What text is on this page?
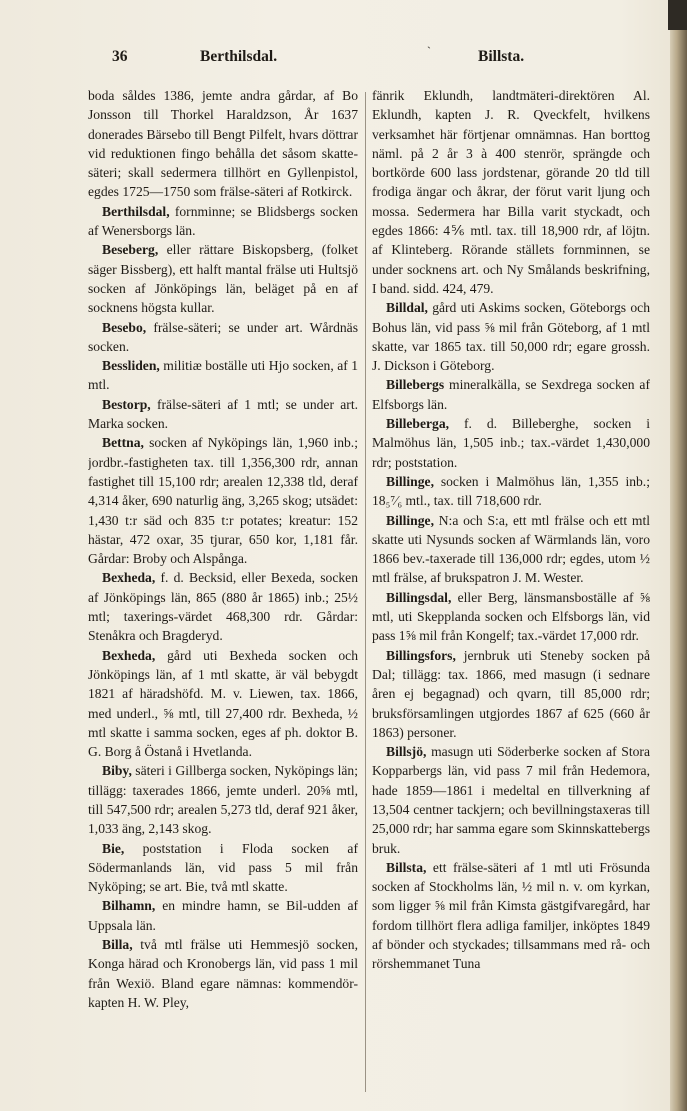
36	Berthilsdal.	`	Billsta.

boda såldes 1386, jemte andra gårdar, af Bo Jonsson till Thorkel Haraldzson, År 1637 donerades Bärsebo till Bengt Pilfelt, hvars döttrar vid reduktionen fingo behålla det såsom skatte-säteri; skall sedermera tillhört en Gyllenpistol, egdes 1725—1750 som frälse-säteri af Rotkirck.

Berthilsdal, fornminne; se Blidsbergs socken af Wenersborgs län.

Beseberg, eller rättare Biskopsberg, (folket säger Bissberg), ett halft mantal frälse uti Hultsjö socken af Jönköpings län, beläget på en af socknens högsta kullar.

Besebo, frälse-säteri; se under art. Wårdnäs socken.

Bessliden, militiæ boställe uti Hjo socken, af 1 mtl.

Bestorp, frälse-säteri af 1 mtl; se under art. Marka socken.

Bettna, socken af Nyköpings län, 1,960 inb.; jordbr.-fastigheten tax. till 1,356,300 rdr, annan fastighet till 15,100 rdr; arealen 12,338 tld, deraf 4,314 åker, 690 naturlig äng, 3,265 skog; utsädet: 1,430 t:r säd och 835 t:r potates; kreatur: 152 hästar, 472 oxar, 35 tjurar, 650 kor, 1,181 får. Gårdar: Broby och Alspånga.

Bexheda, f. d. Becksid, eller Bexeda, socken af Jönköpings län, 865 (880 år 1865) inb.; 25½ mtl; taxerings-värdet 468,300 rdr. Gårdar: Stenåkra och Bragderyd.

Bexheda, gård uti Bexheda socken och Jönköpings län, af 1 mtl skatte, är väl bebygdt 1821 af häradshöfd. M. v. Liewen, tax. 1866, med underl., ⅝ mtl, till 27,400 rdr. Bexheda, ½ mtl skatte i samma socken, eges af ph. doktor B. G. Borg å Östanå i Hvetlanda.

Biby, säteri i Gillberga socken, Nyköpings län; tillägg: taxerades 1866, jemte underl. 20⅝ mtl, till 547,500 rdr; arealen 5,273 tld, deraf 921 åker, 1,033 äng, 2,143 skog.

Bie, poststation i Floda socken af Södermanlands län, vid pass 5 mil från Nyköping; se art. Bie, två mtl skatte.

Bilhamn, en mindre hamn, se Bil-udden af Uppsala län.

Billa, två mtl frälse uti Hemmesjö socken, Konga härad och Kronobergs län, vid pass 1 mil från Wexiö. Bland egare nämnas: kommendör-kapten H. W. Pley,

fänrik Eklundh, landtmäteri-direktören Al. Eklundh, kapten J. R. Qveckfelt, hvilkens verksamhet här förtjenar omnämnas. Han borttog näml. på 2 år 3 à 400 stenrör, sprängde och bortkörde 600 lass jordstenar, görande 20 tld till frodiga ängar och åkrar, der förut varit ljung och mossa. Sedermera har Billa varit styckadt, och egdes 1866: 4⅚ mtl. tax. till 18,900 rdr, af löjtn. af Klinteberg. Rörande ställets fornminnen, se under socknens art. och Ny Smålands beskrifning, I band. sidd. 424, 479.

Billdal, gård uti Askims socken, Göteborgs och Bohus län, vid pass ⅝ mil från Göteborg, af 1 mtl skatte, var 1865 tax. till 50,000 rdr; egare grossh. J. Dickson i Göteborg.

Billebergs mineralkälla, se Sexdrega socken af Elfsborgs län.

Billeberga, f. d. Billeberghe, socken i Malmöhus län, 1,505 inb.; tax.-värdet 1,430,000 rdr; poststation.

Billinge, socken i Malmöhus län, 1,355 inb.; 18₅⁷⁄₆ mtl., tax. till 718,600 rdr.

Billinge, N:a och S:a, ett mtl frälse och ett mtl skatte uti Nysunds socken af Wärmlands län, voro 1866 bev.-taxerade till 136,000 rdr; egdes, utom ½ mtl frälse, af brukspatron J. M. Wester.

Billingsdal, eller Berg, länsmansboställe af ⅝ mtl, uti Skepplanda socken och Elfsborgs län, vid pass 1⅝ mil från Kongelf; tax.-värdet 17,000 rdr.

Billingsfors, jernbruk uti Steneby socken på Dal; tillägg: tax. 1866, med masugn (i sednare åren ej begagnad) och qvarn, till 85,000 rdr; bruksförsamlingen utgjordes 1867 af 625 (660 år 1863) personer.

Billsjö, masugn uti Söderberke socken af Stora Kopparbergs län, vid pass 7 mil från Hedemora, hade 1859—1861 i medeltal en tillverkning af 13,504 centner tackjern; och bevillningstaxeras till 25,000 rdr; har samma egare som Skinnskattebergs bruk.

Billsta, ett frälse-säteri af 1 mtl uti Frösunda socken af Stockholms län, ½ mil n. v. om kyrkan, som ligger ⅝ mil från Kimsta gästgifvaregård, har fordom tillhört flera adliga familjer, inköptes 1849 af bönder och styckades; tillsammans med rå- och rörshemmanet Tuna
